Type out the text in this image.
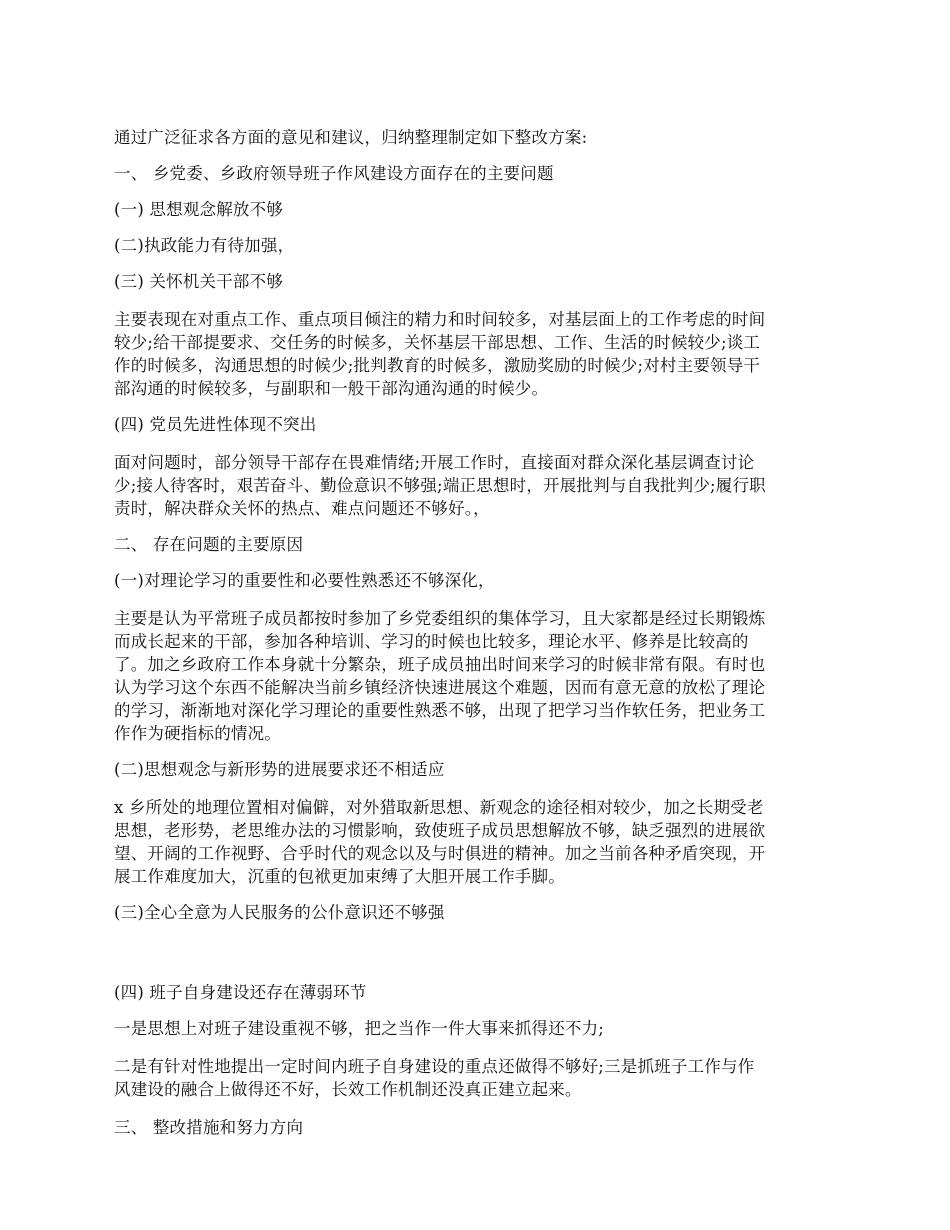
通过广泛征求各方面的意见和建议，归纳整理制定如下整改方案:

一、 乡党委、乡政府领导班子作风建设方面存在的主要问题

(一) 思想观念解放不够

(二)执政能力有待加强，

(三) 关怀机关干部不够

主要表现在对重点工作、重点项目倾注的精力和时间较多，对基层面上的工作考虑的时间
较少;给干部提要求、交任务的时候多，关怀基层干部思想、工作、生活的时候较少;谈工
作的时候多，沟通思想的时候少;批判教育的时候多，激励奖励的时候少;对村主要领导干
部沟通的时候较多，与副职和一般干部沟通沟通的时候少。

(四) 党员先进性体现不突出

面对问题时，部分领导干部存在畏难情绪;开展工作时，直接面对群众深化基层调查讨论
少;接人待客时，艰苦奋斗、勤俭意识不够强;端正思想时，开展批判与自我批判少;履行职
责时，解决群众关怀的热点、难点问题还不够好。，

二、 存在问题的主要原因

(一)对理论学习的重要性和必要性熟悉还不够深化，

主要是认为平常班子成员都按时参加了乡党委组织的集体学习，且大家都是经过长期锻炼
而成长起来的干部，参加各种培训、学习的时候也比较多，理论水平、修养是比较高的
了。加之乡政府工作本身就十分繁杂，班子成员抽出时间来学习的时候非常有限。有时也
认为学习这个东西不能解决当前乡镇经济快速进展这个难题，因而有意无意的放松了理论
的学习，渐渐地对深化学习理论的重要性熟悉不够，出现了把学习当作软任务，把业务工
作作为硬指标的情况。

(二)思想观念与新形势的进展要求还不相适应

x 乡所处的地理位置相对偏僻，对外猎取新思想、新观念的途径相对较少，加之长期受老
思想，老形势，老思维办法的习惯影响，致使班子成员思想解放不够，缺乏强烈的进展欲
望、开阔的工作视野、合乎时代的观念以及与时俱进的精神。加之当前各种矛盾突现，开
展工作难度加大，沉重的包袱更加束缚了大胆开展工作手脚。

(三)全心全意为人民服务的公仆意识还不够强

(四) 班子自身建设还存在薄弱环节

一是思想上对班子建设重视不够，把之当作一件大事来抓得还不力;

二是有针对性地提出一定时间内班子自身建设的重点还做得不够好;三是抓班子工作与作
风建设的融合上做得还不好，长效工作机制还没真正建立起来。

三、 整改措施和努力方向
